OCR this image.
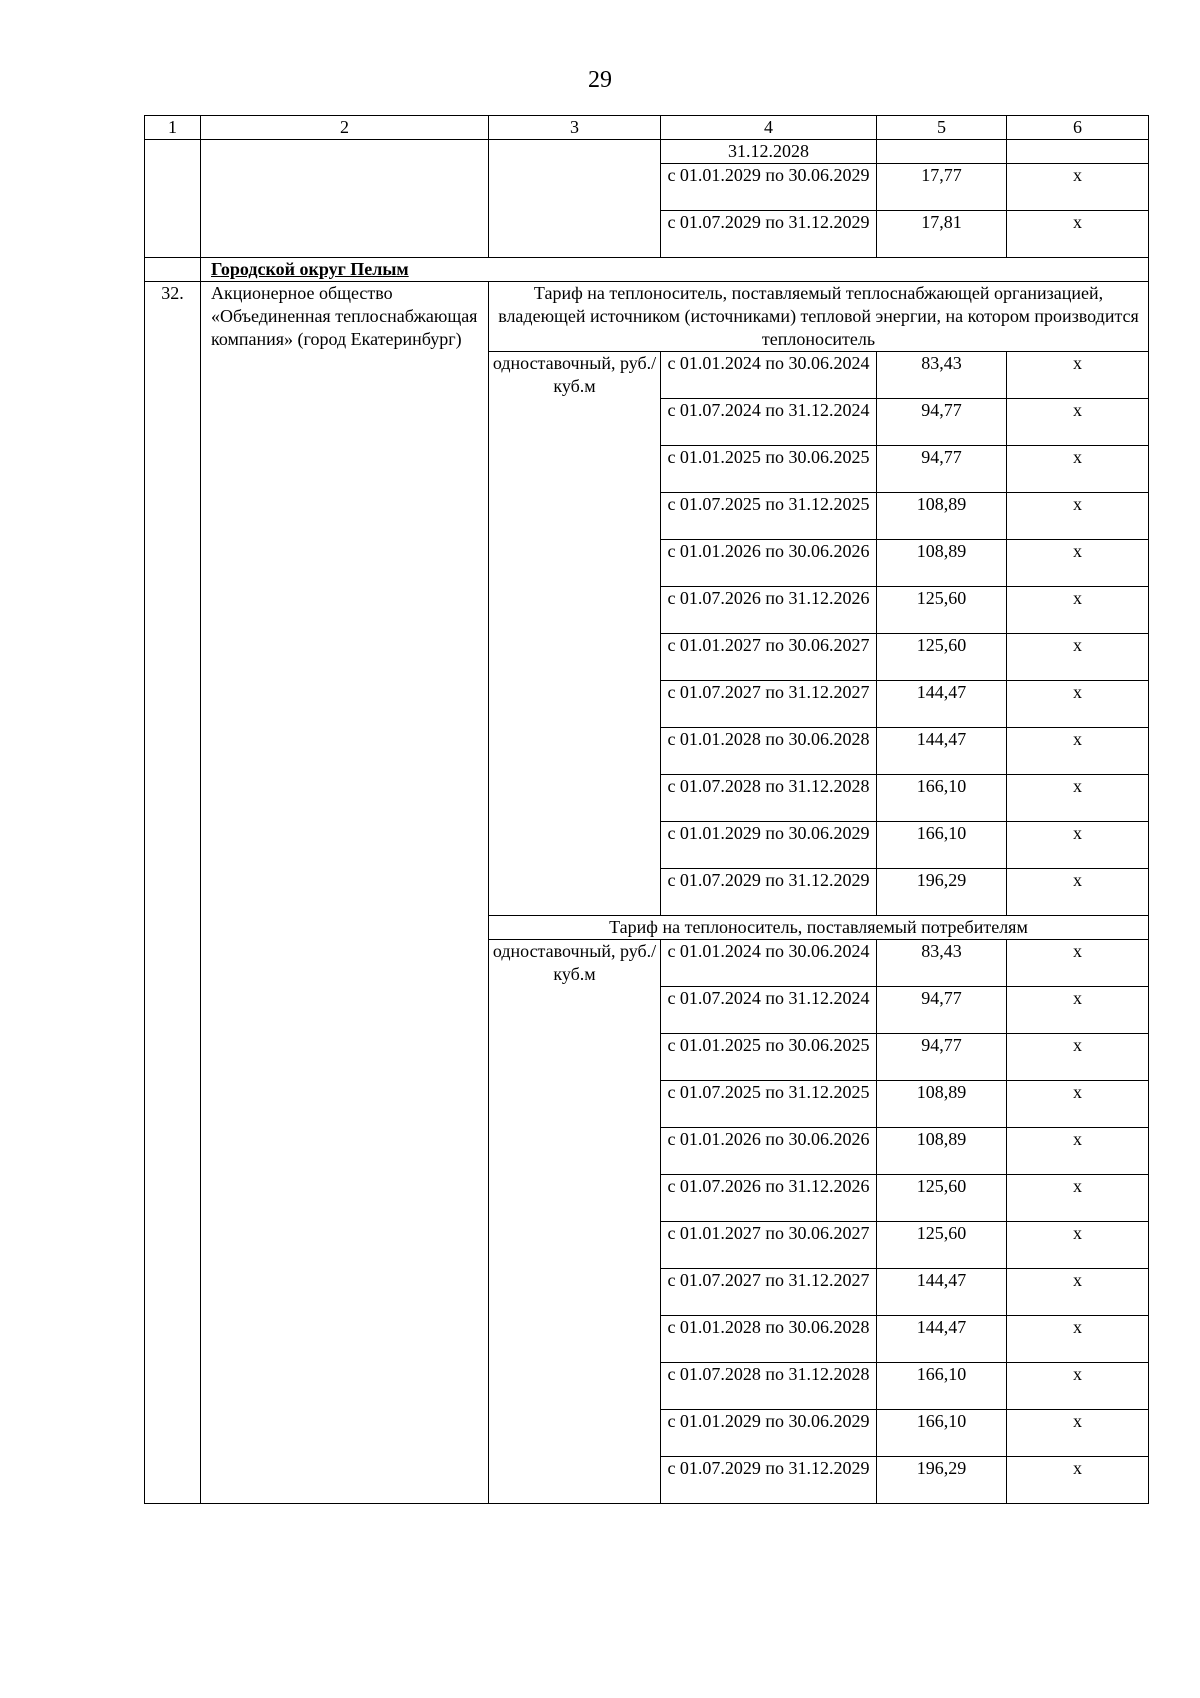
29
1	2	3	4	5	6
			31.12.2028		
			с 01.01.2029 по 30.06.2029	17,77	х
			с 01.07.2029 по 31.12.2029	17,81	х
	Городской округ Пелым				
32.	Акционерное общество «Объединенная теплоснабжающая компания» (город Екатеринбург)	Тариф на теплоноситель, поставляемый теплоснабжающей организацией, владеющей источником (источниками) тепловой энергии, на котором производится теплоноситель			
		одноставочный, руб./куб.м	с 01.01.2024 по 30.06.2024	83,43	х
			с 01.07.2024 по 31.12.2024	94,77	х
			с 01.01.2025 по 30.06.2025	94,77	х
			с 01.07.2025 по 31.12.2025	108,89	х
			с 01.01.2026 по 30.06.2026	108,89	х
			с 01.07.2026 по 31.12.2026	125,60	х
			с 01.01.2027 по 30.06.2027	125,60	х
			с 01.07.2027 по 31.12.2027	144,47	х
			с 01.01.2028 по 30.06.2028	144,47	х
			с 01.07.2028 по 31.12.2028	166,10	х
			с 01.01.2029 по 30.06.2029	166,10	х
			с 01.07.2029 по 31.12.2029	196,29	х
		Тариф на теплоноситель, поставляемый потребителям			
		одноставочный, руб./куб.м	с 01.01.2024 по 30.06.2024	83,43	х
			с 01.07.2024 по 31.12.2024	94,77	х
			с 01.01.2025 по 30.06.2025	94,77	х
			с 01.07.2025 по 31.12.2025	108,89	х
			с 01.01.2026 по 30.06.2026	108,89	х
			с 01.07.2026 по 31.12.2026	125,60	х
			с 01.01.2027 по 30.06.2027	125,60	х
			с 01.07.2027 по 31.12.2027	144,47	х
			с 01.01.2028 по 30.06.2028	144,47	х
			с 01.07.2028 по 31.12.2028	166,10	х
			с 01.01.2029 по 30.06.2029	166,10	х
			с 01.07.2029 по 31.12.2029	196,29	х
